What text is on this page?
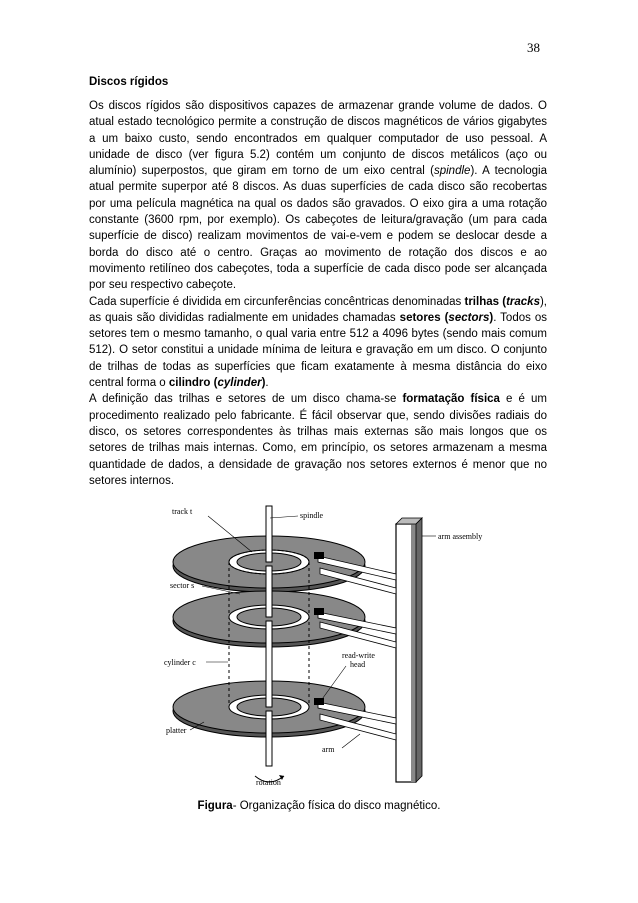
38
Discos rígidos

Os discos rígidos são dispositivos capazes de armazenar grande volume de dados. O atual estado tecnológico permite a construção de discos magnéticos de vários gigabytes a um baixo custo, sendo encontrados em qualquer computador de uso pessoal. A unidade de disco (ver figura 5.2) contém um conjunto de discos metálicos (aço ou alumínio) superpostos, que giram em torno de um eixo central (spindle). A tecnologia atual permite superpor até 8 discos. As duas superfícies de cada disco são recobertas por uma película magnética na qual os dados são gravados. O eixo gira a uma rotação constante (3600 rpm, por exemplo). Os cabeçotes de leitura/gravação (um para cada superfície de disco) realizam movimentos de vai-e-vem e podem se deslocar desde a borda do disco até o centro. Graças ao movimento de rotação dos discos e ao movimento retilíneo dos cabeçotes, toda a superfície de cada disco pode ser alcançada por seu respectivo cabeçote.

Cada superfície é dividida em circunferências concêntricas denominadas trilhas (tracks), as quais são divididas radialmente em unidades chamadas setores (sectors). Todos os setores tem o mesmo tamanho, o qual varia entre 512 a 4096 bytes (sendo mais comum 512). O setor constitui a unidade mínima de leitura e gravação em um disco. O conjunto de trilhas de todas as superfícies que ficam exatamente à mesma distância do eixo central forma o cilindro (cylinder).

A definição das trilhas e setores de um disco chama-se formatação física e é um procedimento realizado pelo fabricante. É fácil observar que, sendo divisões radiais do disco, os setores correspondentes às trilhas mais externas são mais longos que os setores de trilhas mais internas. Como, em princípio, os setores armazenam a mesma quantidade de dados, a densidade de gravação nos setores externos é menor que no setores internos.

track t	spindle
arm assembly
sector s
cylinder c
read-write
head
platter
arm
rotation
Figura- Organização física do disco magnético.
